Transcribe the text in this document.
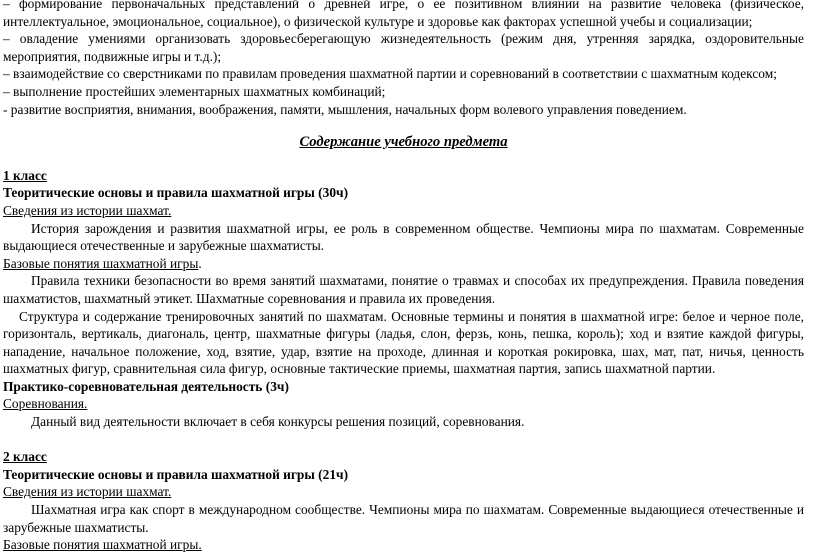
– формирование первоначальных представлений о древней игре, о ее позитивном влиянии на развитие человека (физическое, интеллектуальное, эмоциональное, социальное), о физической культуре и здоровье как факторах успешной учебы и социализации;

– овладение умениями организовать здоровьесберегающую жизнедеятельность (режим дня, утренняя зарядка, оздоровительные мероприятия, подвижные игры и т.д.);

– взаимодействие со сверстниками по правилам проведения шахматной партии и соревнований в соответствии с шахматным кодексом;

– выполнение простейших элементарных шахматных комбинаций;

- развитие восприятия, внимания, воображения, памяти, мышления, начальных форм волевого управления поведением.

Содержание учебного предмета

1 класс

Теоритические основы и правила шахматной игры (30ч)

Сведения из истории шахмат.

История зарождения и развития шахматной игры, ее роль в современном обществе. Чемпионы мира по шахматам. Современные выдающиеся отечественные и зарубежные шахматисты.

Базовые понятия шахматной игры.

Правила техники безопасности во время занятий шахматами, понятие о травмах и способах их предупреждения. Правила поведения шахматистов, шахматный этикет. Шахматные соревнования и правила их проведения.

Структура и содержание тренировочных занятий по шахматам. Основные термины и понятия в шахматной игре: белое и черное поле, горизонталь, вертикаль, диагональ, центр, шахматные фигуры (ладья, слон, ферзь, конь, пешка, король); ход и взятие каждой фигуры, нападение, начальное положение, ход, взятие, удар, взятие на проходе, длинная и короткая рокировка, шах, мат, пат, ничья, ценность шахматных фигур, сравнительная сила фигур, основные тактические приемы, шахматная партия, запись шахматной партии.

Практико-соревновательная деятельность (3ч)

Соревнования.

Данный вид деятельности включает в себя конкурсы решения позиций, соревнования.

2 класс

Теоритические основы и правила шахматной игры (21ч)

Сведения из истории шахмат.

Шахматная игра как спорт в международном сообществе. Чемпионы мира по шахматам. Современные выдающиеся отечественные и зарубежные шахматисты.

Базовые понятия шахматной игры.
